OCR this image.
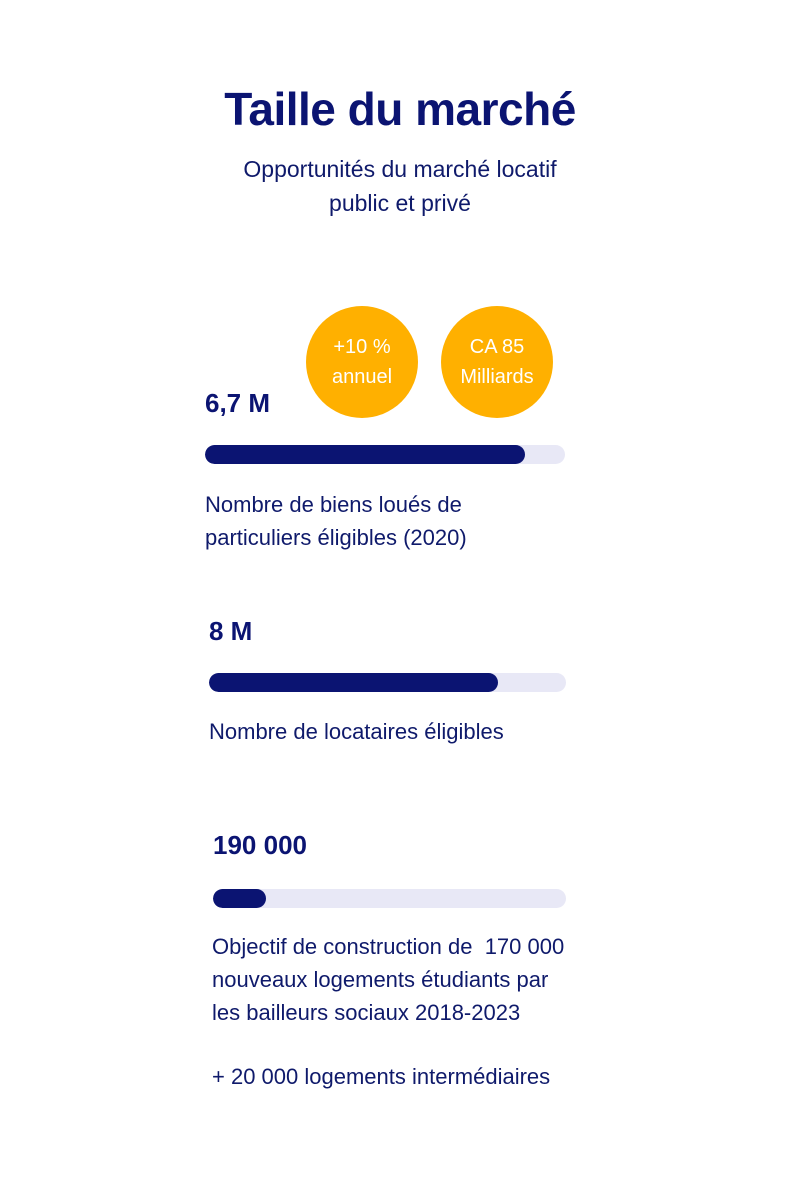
Taille du marché
Opportunités du marché locatif
public et privé
+10 %
annuel
CA 85
Milliards
6,7 M
Nombre de biens loués de
particuliers éligibles (2020)
8 M
Nombre de locataires éligibles
190 000
Objectif de construction de  170 000
nouveaux logements étudiants par
les bailleurs sociaux 2018-2023
+ 20 000 logements intermédiaires
